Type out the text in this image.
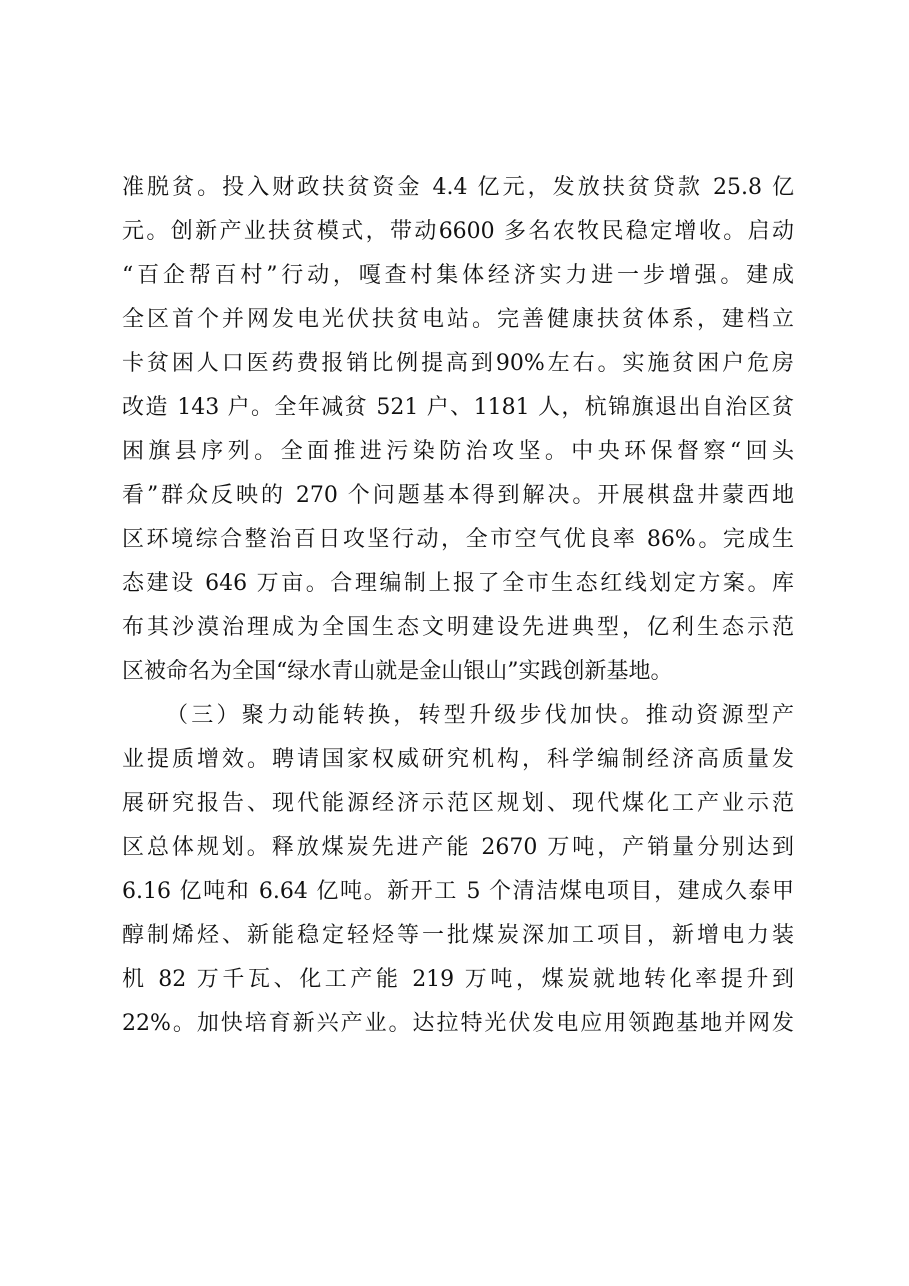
准脱贫。投入财政扶贫资金 4.4 亿元，发放扶贫贷款 25.8 亿
元。创新产业扶贫模式，带动6600 多名农牧民稳定增收。启动
“百企帮百村”行动，嘎查村集体经济实力进一步增强。建成
全区首个并网发电光伏扶贫电站。完善健康扶贫体系，建档立
卡贫困人口医药费报销比例提高到90%左右。实施贫困户危房
改造 143 户。全年减贫 521 户、1181 人，杭锦旗退出自治区贫
困旗县序列。全面推进污染防治攻坚。中央环保督察“回头
看”群众反映的 270 个问题基本得到解决。开展棋盘井蒙西地
区环境综合整治百日攻坚行动，全市空气优良率 86%。完成生
态建设 646 万亩。合理编制上报了全市生态红线划定方案。库
布其沙漠治理成为全国生态文明建设先进典型，亿利生态示范
区被命名为全国“绿水青山就是金山银山”实践创新基地。
（三）聚力动能转换，转型升级步伐加快。推动资源型产
业提质增效。聘请国家权威研究机构，科学编制经济高质量发
展研究报告、现代能源经济示范区规划、现代煤化工产业示范
区总体规划。释放煤炭先进产能 2670 万吨，产销量分别达到
6.16 亿吨和 6.64 亿吨。新开工 5 个清洁煤电项目，建成久泰甲
醇制烯烃、新能稳定轻烃等一批煤炭深加工项目，新增电力装
机 82 万千瓦、化工产能 219 万吨，煤炭就地转化率提升到
22%。加快培育新兴产业。达拉特光伏发电应用领跑基地并网发
